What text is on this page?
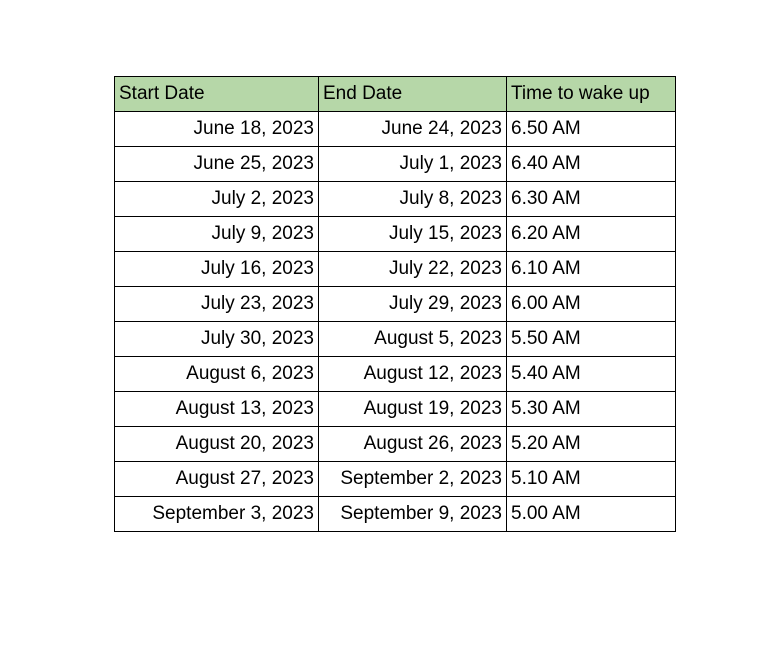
Start Date	End Date	Time to wake up
June 18, 2023	June 24, 2023	6.50 AM
June 25, 2023	July 1, 2023	6.40 AM
July 2, 2023	July 8, 2023	6.30 AM
July 9, 2023	July 15, 2023	6.20 AM
July 16, 2023	July 22, 2023	6.10 AM
July 23, 2023	July 29, 2023	6.00 AM
July 30, 2023	August 5, 2023	5.50 AM
August 6, 2023	August 12, 2023	5.40 AM
August 13, 2023	August 19, 2023	5.30 AM
August 20, 2023	August 26, 2023	5.20 AM
August 27, 2023	September 2, 2023	5.10 AM
September 3, 2023	September 9, 2023	5.00 AM
